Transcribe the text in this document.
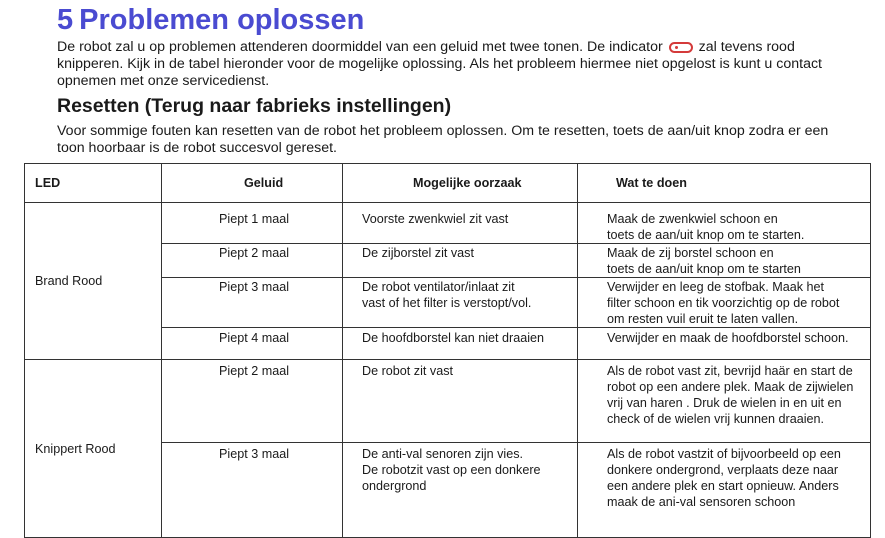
5 Problemen oplossen
De robot zal u op problemen attenderen doormiddel van een geluid met twee tonen. De indicator	zal tevens rood knipperen. Kijk in de tabel hieronder voor de mogelijke oplossing. Als het probleem hiermee niet opgelost is kunt u contact opnemen met onze servicedienst.
Resetten (Terug naar fabrieks instellingen)
Voor sommige fouten kan resetten van de robot het probleem oplossen. Om te resetten, toets de aan/uit knop zodra er een toon hoorbaar is de robot succesvol gereset.
LED	Geluid	Mogelijke oorzaak	Wat te doen
Brand Rood	Piept 1 maal	Voorste zwenkwiel zit vast	Maak de zwenkwiel schoon en
toets de aan/uit knop om te starten.

	Piept 2 maal	De zijborstel zit vast	Maak de zij borstel schoon en
toets de aan/uit knop om te starten

	Piept 3 maal	De robot ventilator/inlaat zit
vast of het filter is verstopt/vol.	Verwijder en leeg de stofbak. Maak het
filter schoon en tik voorzichtig op de robot
om resten vuil eruit te laten vallen.

	Piept 4 maal	De hoofdborstel kan niet draaien	Verwijder en maak de hoofdborstel schoon.

Knippert Rood	Piept 2 maal	De robot zit vast	Als de robot vast zit, bevrijd haär en start de
robot op een andere plek. Maak de zijwielen
vrij van haren . Druk de wielen in en uit en
check of de wielen vrij kunnen draaien.

	Piept 3 maal	De anti-val senoren zijn vies.
De robotzit vast op een donkere
ondergrond	Als de robot vastzit of bijvoorbeeld op een
donkere ondergrond, verplaats deze naar
een andere plek en start opnieuw. Anders
maak de ani-val sensoren schoon
